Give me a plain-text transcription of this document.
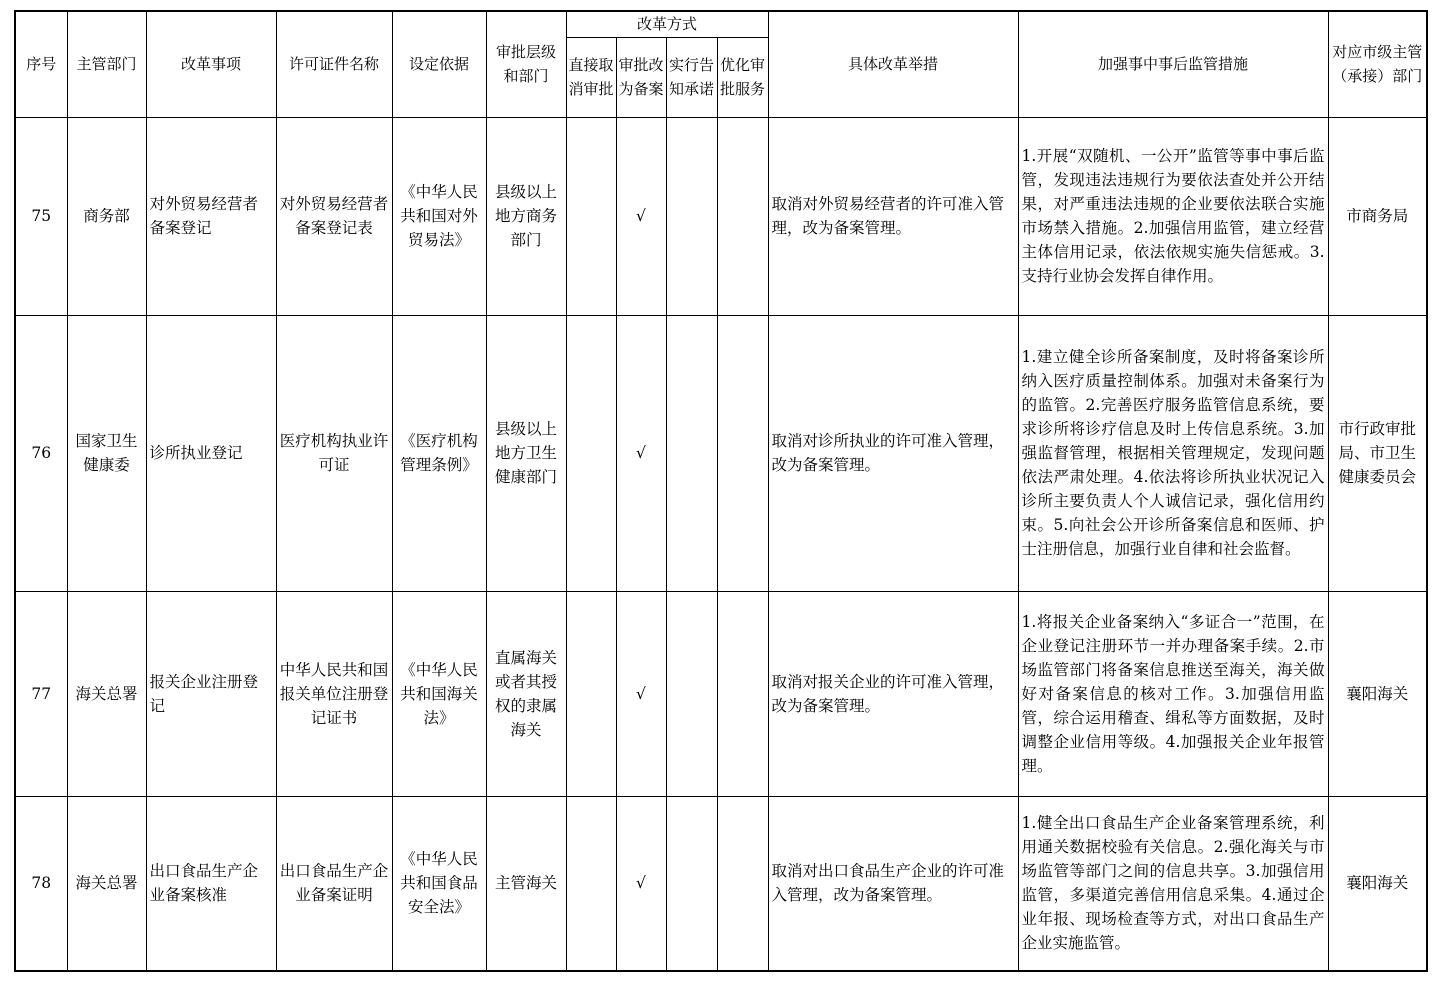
序号	主管部门	改革事项	许可证件名称	设定依据	审批层级和部门	改革方式				具体改革举措	加强事中事后监管措施	对应市级主管（承接）部门
						直接取消审批	审批改为备案	实行告知承诺	优化审批服务			
75	商务部	对外贸易经营者备案登记	对外贸易经营者备案登记表	《中华人民共和国对外贸易法》	县级以上地方商务部门		√			取消对外贸易经营者的许可准入管理，改为备案管理。	1.开展“双随机、一公开”监管等事中事后监管，发现违法违规行为要依法查处并公开结果，对严重违法违规的企业要依法联合实施市场禁入措施。2.加强信用监管，建立经营主体信用记录，依法依规实施失信惩戒。3.支持行业协会发挥自律作用。	市商务局
76	国家卫生健康委	诊所执业登记	医疗机构执业许可证	《医疗机构管理条例》	县级以上地方卫生健康部门		√			取消对诊所执业的许可准入管理，改为备案管理。	1.建立健全诊所备案制度，及时将备案诊所纳入医疗质量控制体系。加强对未备案行为的监管。2.完善医疗服务监管信息系统，要求诊所将诊疗信息及时上传信息系统。3.加强监督管理，根据相关管理规定，发现问题依法严肃处理。4.依法将诊所执业状况记入诊所主要负责人个人诚信记录，强化信用约束。5.向社会公开诊所备案信息和医师、护士注册信息，加强行业自律和社会监督。	市行政审批局、市卫生健康委员会
77	海关总署	报关企业注册登记	中华人民共和国报关单位注册登记证书	《中华人民共和国海关法》	直属海关或者其授权的隶属海关		√			取消对报关企业的许可准入管理，改为备案管理。	1.将报关企业备案纳入“多证合一”范围，在企业登记注册环节一并办理备案手续。2.市场监管部门将备案信息推送至海关，海关做好对备案信息的核对工作。3.加强信用监管，综合运用稽查、缉私等方面数据，及时调整企业信用等级。4.加强报关企业年报管理。	襄阳海关
78	海关总署	出口食品生产企业备案核准	出口食品生产企业备案证明	《中华人民共和国食品安全法》	主管海关		√			取消对出口食品生产企业的许可准入管理，改为备案管理。	1.健全出口食品生产企业备案管理系统，利用通关数据校验有关信息。2.强化海关与市场监管等部门之间的信息共享。3.加强信用监管，多渠道完善信用信息采集。4.通过企业年报、现场检查等方式，对出口食品生产企业实施监管。	襄阳海关
